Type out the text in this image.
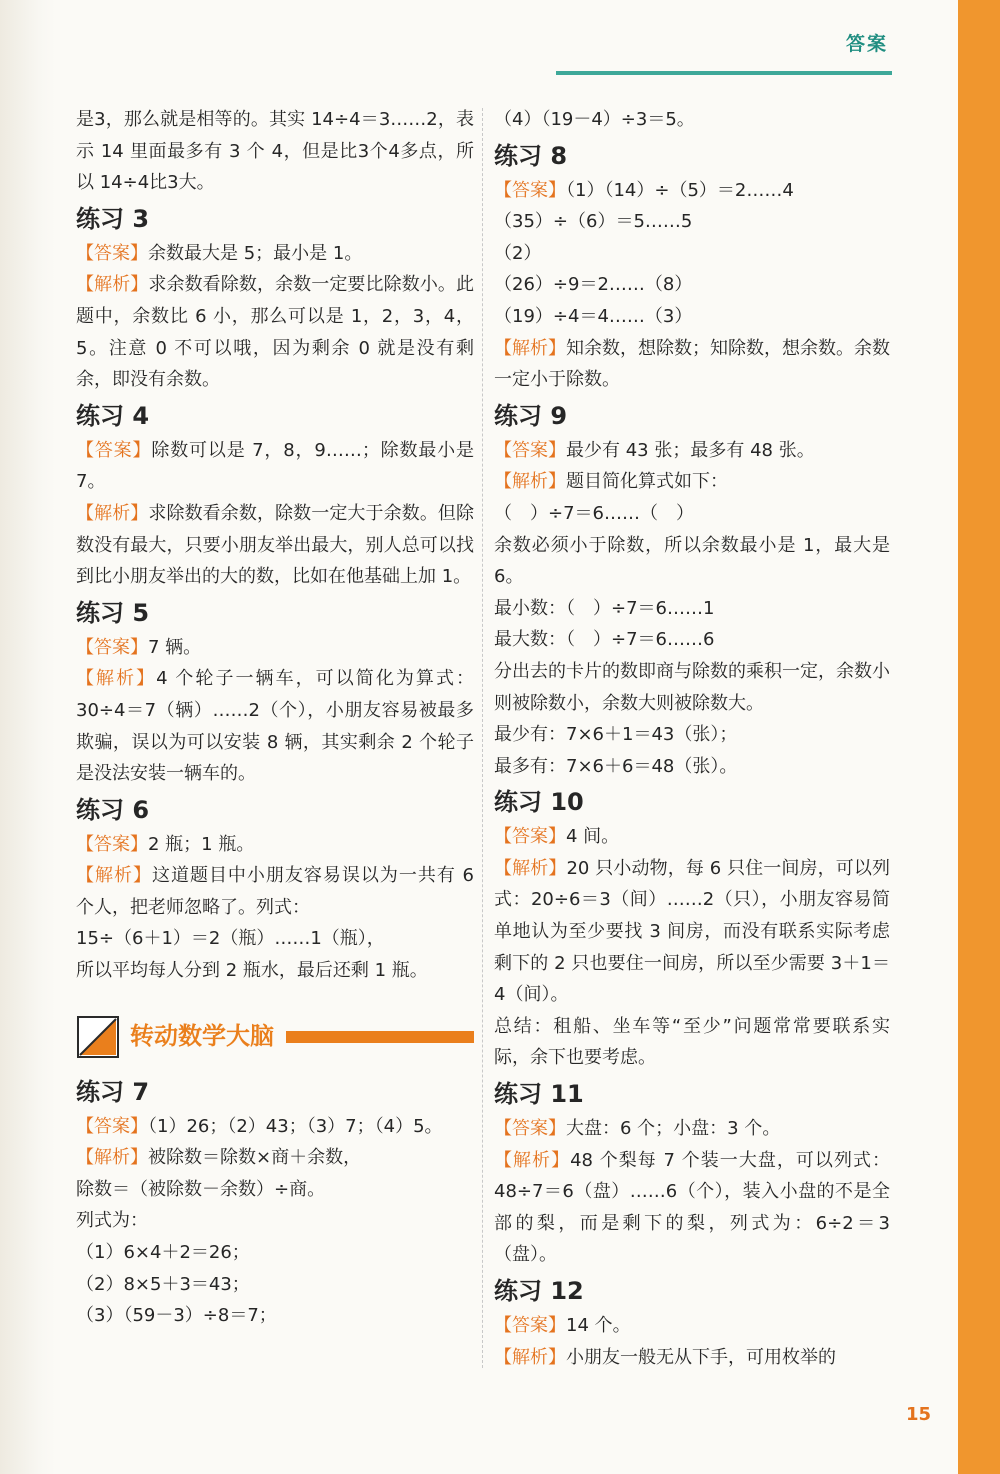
答案

是3，那么就是相等的。其实 14÷4＝3……2，表示 14 里面最多有 3 个 4，但是比3个4多点，所以 14÷4比3大。

练习 3

【答案】余数最大是 5；最小是 1。

【解析】求余数看除数，余数一定要比除数小。此题中，余数比 6 小，那么可以是 1，2，3，4，5。注意 0 不可以哦，因为剩余 0 就是没有剩余，即没有余数。

练习 4

【答案】除数可以是 7，8，9……；除数最小是 7。

【解析】求除数看余数，除数一定大于余数。但除数没有最大，只要小朋友举出最大，别人总可以找到比小朋友举出的大的数，比如在他基础上加 1。

练习 5

【答案】7 辆。

【解析】4 个轮子一辆车，可以简化为算式：30÷4＝7（辆）……2（个），小朋友容易被最多欺骗，误以为可以安装 8 辆，其实剩余 2 个轮子是没法安装一辆车的。

练习 6

【答案】2 瓶；1 瓶。

【解析】这道题目中小朋友容易误以为一共有 6 个人，把老师忽略了。列式：

15÷（6＋1）＝2（瓶）……1（瓶），

所以平均每人分到 2 瓶水，最后还剩 1 瓶。

转动数学大脑
练习 7

【答案】（1）26；（2）43；（3）7；（4）5。

【解析】被除数＝除数×商＋余数，

除数＝（被除数－余数）÷商。

列式为：

（1）6×4＋2＝26；

（2）8×5＋3＝43；

（3）（59－3）÷8＝7；

（4）（19－4）÷3＝5。

练习 8

【答案】（1）（14）÷（5）＝2……4

（35）÷（6）＝5……5

（2）

（26）÷9＝2……（8）

（19）÷4＝4……（3）

【解析】知余数，想除数；知除数，想余数。余数一定小于除数。

练习 9

【答案】最少有 43 张；最多有 48 张。

【解析】题目简化算式如下：

（　）÷7＝6……（　）

余数必须小于除数，所以余数最小是 1，最大是 6。

最小数：（　）÷7＝6……1

最大数：（　）÷7＝6……6

分出去的卡片的数即商与除数的乘积一定，余数小则被除数小，余数大则被除数大。

最少有：7×6＋1＝43（张）；

最多有：7×6＋6＝48（张）。

练习 10

【答案】4 间。

【解析】20 只小动物，每 6 只住一间房，可以列式：20÷6＝3（间）……2（只），小朋友容易简单地认为至少要找 3 间房，而没有联系实际考虑剩下的 2 只也要住一间房，所以至少需要 3＋1＝4（间）。

总结：租船、坐车等“至少”问题常常要联系实际，余下也要考虑。

练习 11

【答案】大盘：6 个；小盘：3 个。

【解析】48 个梨每 7 个装一大盘，可以列式：48÷7＝6（盘）……6（个），装入小盘的不是全部的梨，而是剩下的梨，列式为：6÷2＝3（盘）。

练习 12

【答案】14 个。

【解析】小朋友一般无从下手，可用枚举的

15
